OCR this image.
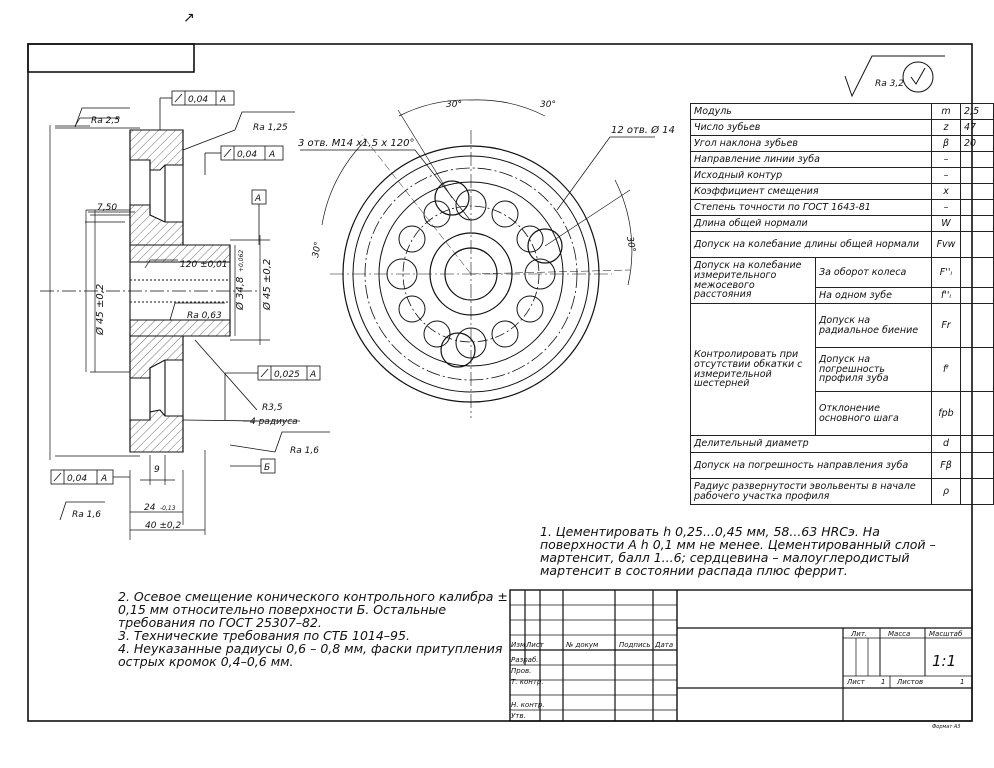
↗
Ra 3,2
0,04 A
0,04 A
0,025 A
0,04 A
A
Б
Ra 2,5
Ra 1,25
Ra 0,63
Ra 1,6
Ra 1,6
7,50
120 ±0,01
R3,5
4 радиуса
9
24 -0,13
40 ±0,2
Ø 45 ±0,2	Ø 34,8
+0,062 Ø 45 ±0,2
30°	30°
30°	30°
3 отв. М14 x1,5 x 120°
12 отв. Ø 14
Модуль		m	2,5
Число зубьев		z	47
Угол наклона зубьев		β	20
Направление линии зуба		–	
Исходный контур		–	
Коэффициент смещения		x	
Степень точности по ГОСТ 1643-81		–	
Длина общей нормали		W	
Допуск на колебание длины общей нормали		Fvw	
Допуск на колебание измерительного межосевого расстояния	За оборот колеса	F''ᵢ	
	На одном зубе	f''ᵢ	
Контролировать при отсутствии обкатки с измерительной шестерней	Допуск на радиальное биение	Fr	
	Допуск на погрешность профиля зуба	fᶠ	
	Отклонение основного шага	fpb	
Делительный диаметр		d	
Допуск на погрешность направления зуба		Fβ	
Радиус развернутости эвольвенты в начале рабочего участка профиля		ρ	
1. Цементировать h 0,25...0,45 мм, 58...63 HRCэ. На поверхности A h 0,1 мм не менее. Цементированный слой – мартенсит, балл 1...6; сердцевина – малоуглеродистый мартенсит в состоянии распада плюс феррит.
2. Осевое смещение конического контрольного калибра ± 0,15 мм относительно поверхности Б. Остальные требования по ГОСТ 25307–82.
3. Технические требования по СТБ 1014–95.
4. Неуказанные радиусы 0,6 – 0,8 мм, фаски притупления острых кромок 0,4–0,6 мм.
Изм Лист	№ докум	Подпись Дата
Разраб.
Пров.
Т. контр.
Н. контр.
Утв.
Лит.	Масса	Масштаб
1:1
Лист 1 Листов	1
Формат А3
